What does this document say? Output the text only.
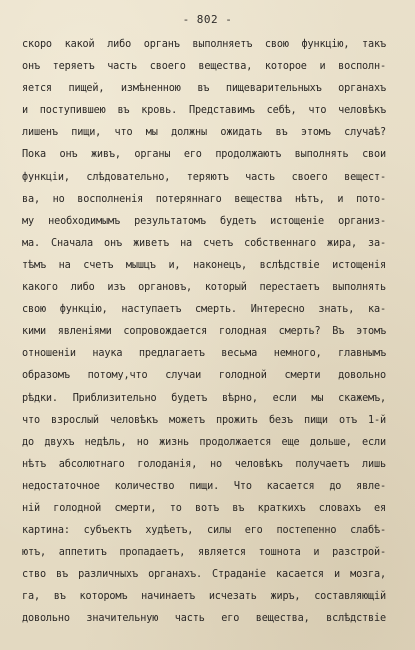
- 802 -
скоро какой либо органъ выполняетъ свою функцію, такъ
онъ теряетъ часть своего вещества, которое и восполн-
яется пищей, измѣненною въ пищеварительныхъ органахъ
и поступившею въ кровь. Представимъ себѣ, что человѣкъ
лишенъ пищи, что мы должны ожидать въ этомъ случаѣ?
Пока онъ живъ, органы его продолжаютъ выполнять свои
функціи, слѣдовательно, теряютъ часть своего вещест-
ва, но восполненія потеряннаго вещества нѣтъ, и пото-
му необходимымъ результатомъ будетъ истощеніе организ-
ма. Сначала онъ живетъ на счетъ собственнаго жира, за-
тѣмъ на счетъ мышцъ и, наконецъ, вслѣдствіе истощенія
какого либо изъ органовъ, который перестаетъ выполнять
свою функцію, наступаетъ смерть. Интересно знать, ка-
кими явленіями сопровождается голодная смерть? Въ этомъ
отношеніи наука предлагаетъ весьма немного, главнымъ
образомъ потому,что случаи голодной смерти довольно
рѣдки. Приблизительно будетъ вѣрно, если мы скажемъ,
что взрослый человѣкъ можетъ прожить безъ пищи отъ 1-й
до двухъ недѣль, но жизнь продолжается еще дольше, если
нѣтъ абсолютнаго голоданія, но человѣкъ получаетъ лишь
недостаточное количество пищи. Что касается до явле-
ній голодной смерти, то вотъ въ краткихъ словахъ ея
картина: субъектъ худѣетъ, силы его постепенно слабѣ-
ютъ, аппетитъ пропадаетъ, является тошнота и разстрой-
ство въ различныхъ органахъ. Страданіе касается и мозга,
га, въ которомъ начинаетъ исчезать жиръ, составляющій
довольно значительную часть его вещества, вслѣдствіе
